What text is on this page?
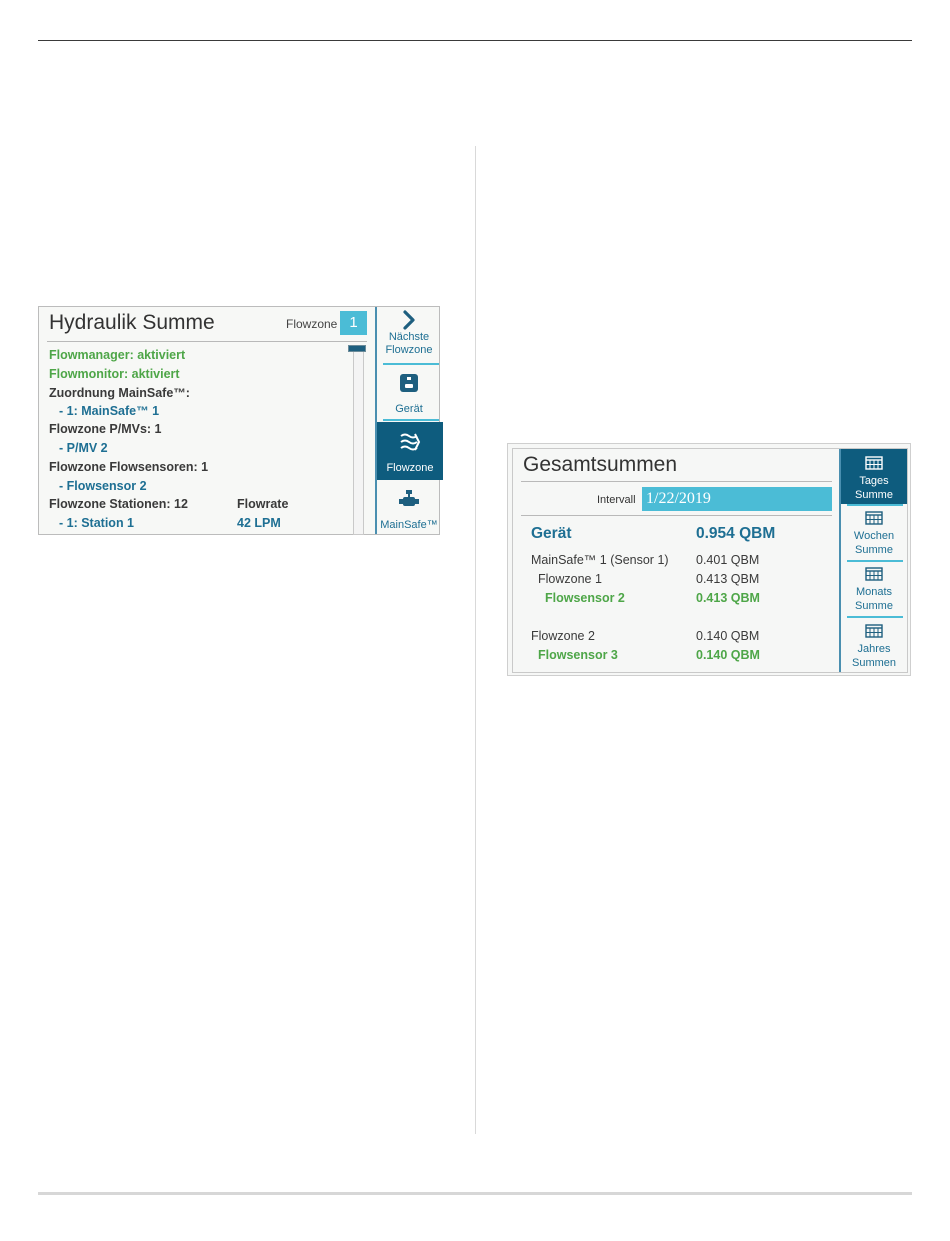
Hydraulik Summe	Flowzone 1
Flowmanager: aktiviert
Flowmonitor: aktiviert
Zuordnung MainSafe™:
- 1: MainSafe™ 1
Flowzone P/MVs: 1
- P/MV 2
Flowzone Flowsensoren: 1
- Flowsensor 2
Flowzone Stationen: 12	Flowrate
- 1: Station 1	42 LPM
Nächste
Flowzone
Gerät
Flowzone
MainSafe™
Gesamtsummen
Intervall 1/22/2019
Gerät	0.954 QBM
MainSafe™ 1 (Sensor 1) 0.401 QBM
Flowzone 1	0.413 QBM
Flowsensor 2	0.413 QBM
Flowzone 2	0.140 QBM
Flowsensor 3	0.140 QBM
Tages
Summe
Wochen
Summe
Monats
Summe
Jahres
Summen
